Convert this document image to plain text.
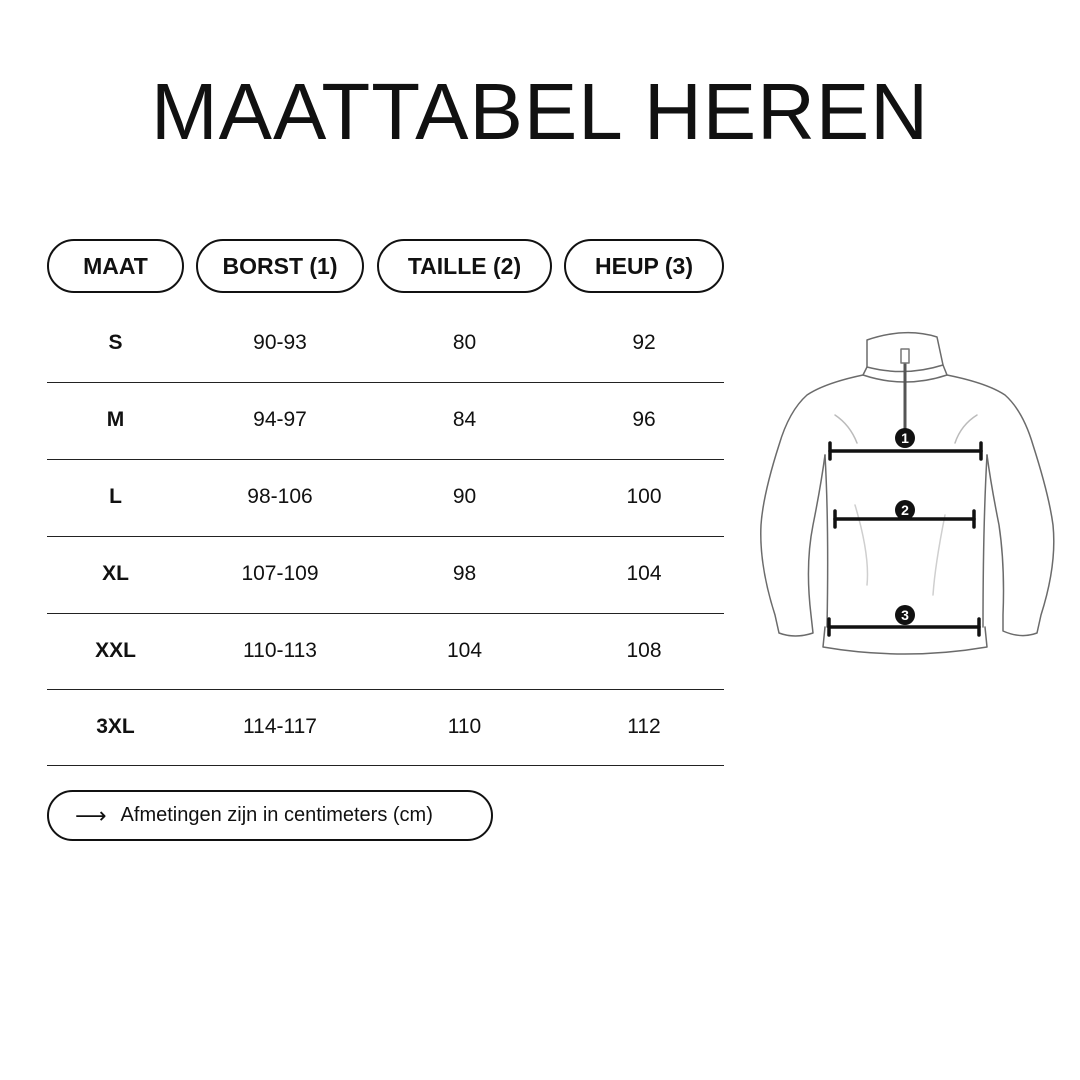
MAATTABEL HEREN
MAAT	BORST (1)	TAILLE (2)	HEUP (3)
S	90-93	80	92
M	94-97	84	96
L	98-106	90	100
XL	107-109	98	104
XXL	110-113	104	108
3XL	114-117	110	112
⟶ Afmetingen zijn in centimeters (cm)
1
2
3
